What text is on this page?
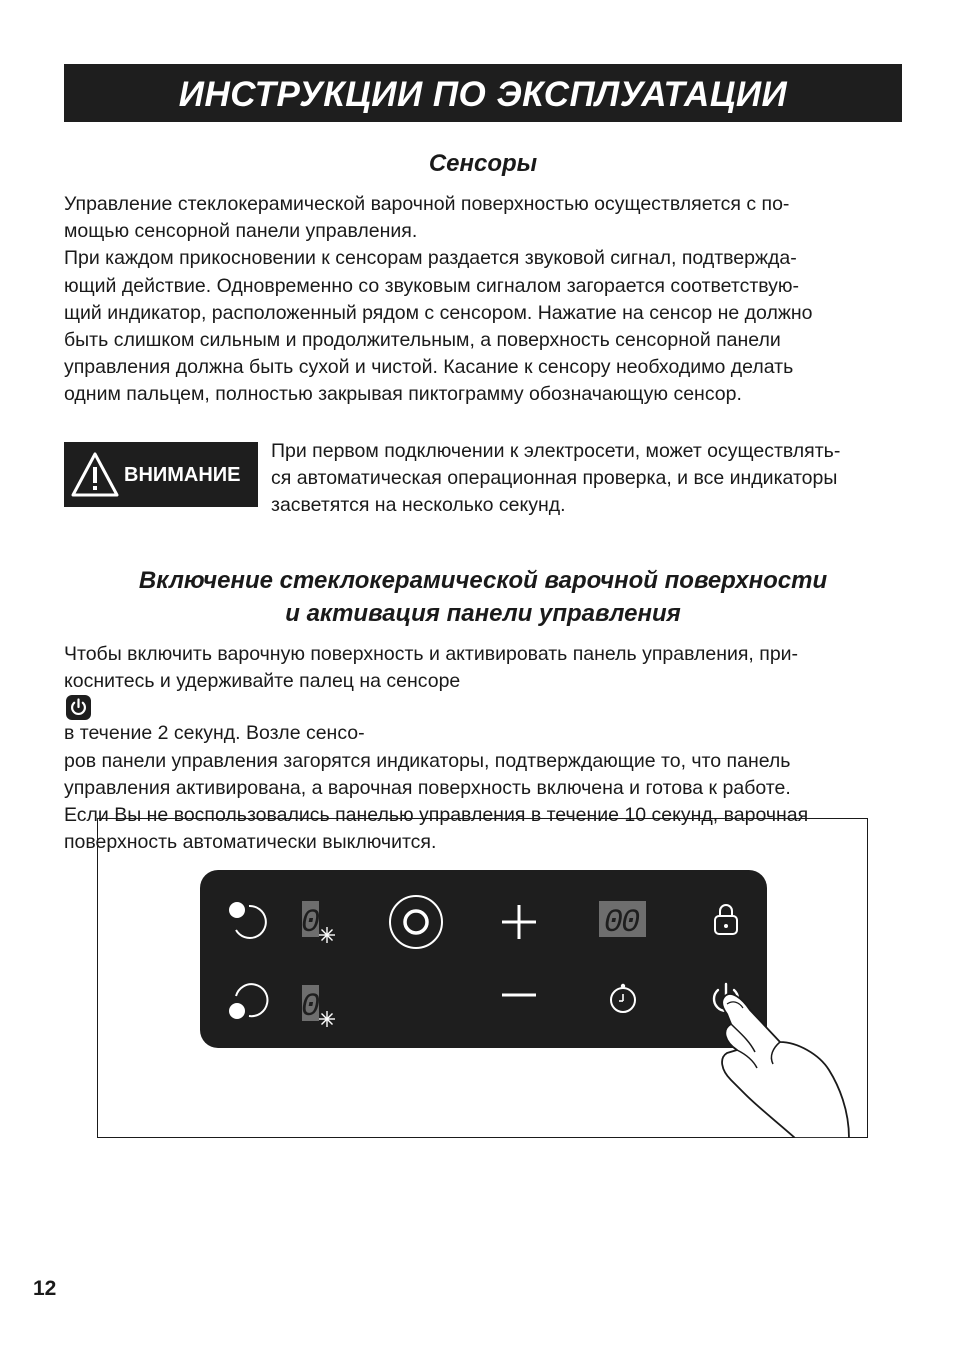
ИНСТРУКЦИИ ПО ЭКСПЛУАТАЦИИ
Сенсоры
Управление стеклокерамической варочной поверхностью осуществляется с по-
мощью сенсорной панели управления.
При каждом прикосновении к сенсорам раздается звуковой сигнал, подтвержда-
ющий действие. Одновременно со звуковым сигналом загорается соответствую-
щий индикатор, расположенный рядом с сенсором. Нажатие на сенсор не должно
быть слишком сильным и продолжительным, а поверхность сенсорной панели
управления должна быть сухой и чистой. Касание к сенсору необходимо делать
одним пальцем, полностью закрывая пиктограмму обозначающую сенсор.
ВНИМАНИЕ
При первом подключении к электросети, может осуществлять-
ся автоматическая операционная проверка, и все индикаторы
засветятся на несколько секунд.
Включение стеклокерамической варочной поверхности
и активация панели управления
Чтобы включить варочную поверхность и активировать панель управления, при-
коснитесь и удерживайте палец на сенсоре
в течение 2 секунд. Возле сенсо-
ров панели управления загорятся индикаторы, подтверждающие то, что панель
управления активирована, а варочная поверхность включена и готова к работе.
Если Вы не воспользовались панелью управления в течение 10 секунд, варочная
поверхность автоматически выключится.
0
0
00
12
